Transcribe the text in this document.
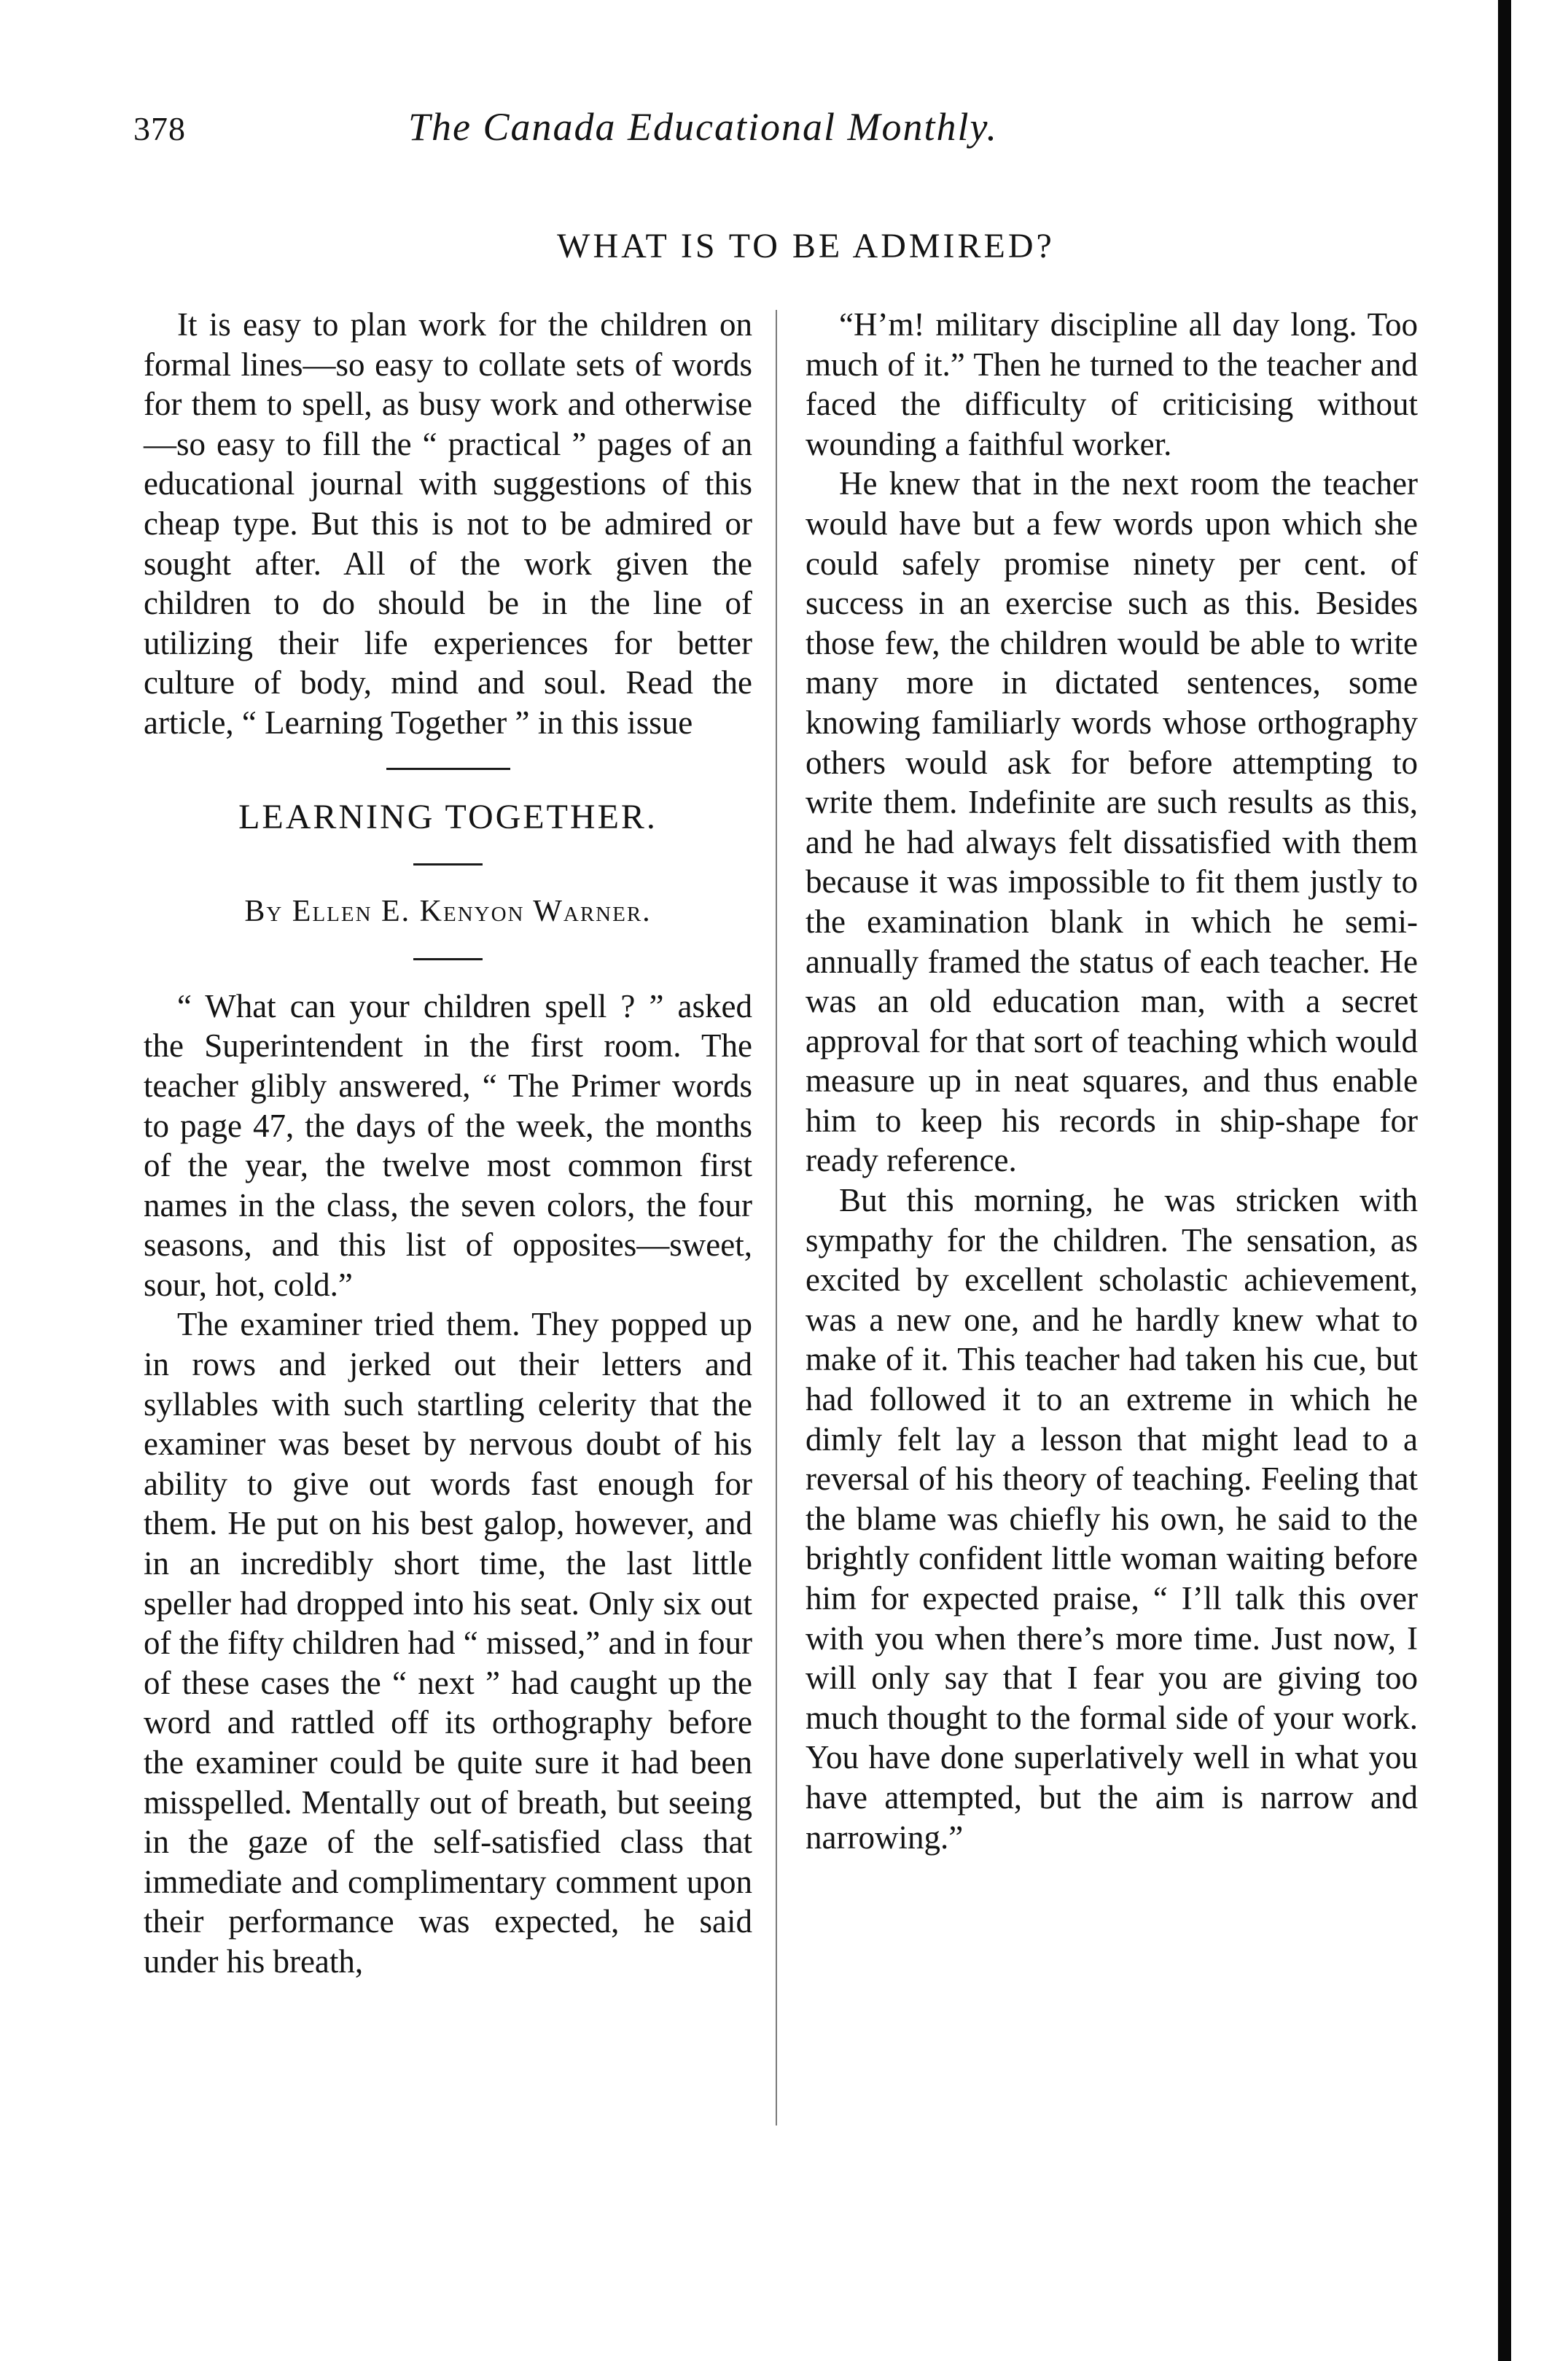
378	The Canada Educational Monthly.
WHAT IS TO BE ADMIRED?

It is easy to plan work for the children on formal lines—so easy to collate sets of words for them to spell, as busy work and otherwise—so easy to fill the “ practical ” pages of an educational journal with suggestions of this cheap type. But this is not to be admired or sought after. All of the work given the children to do should be in the line of utilizing their life experiences for better culture of body, mind and soul. Read the article, “ Learning Together ” in this issue

LEARNING TOGETHER.

By Ellen E. Kenyon Warner.

“ What can your children spell ? ” asked the Superintendent in the first room. The teacher glibly answered, “ The Primer words to page 47, the days of the week, the months of the year, the twelve most common first names in the class, the seven colors, the four seasons, and this list of opposites—sweet, sour, hot, cold.”

The examiner tried them. They popped up in rows and jerked out their letters and syllables with such startling celerity that the examiner was beset by nervous doubt of his ability to give out words fast enough for them. He put on his best galop, however, and in an incredibly short time, the last little speller had dropped into his seat. Only six out of the fifty children had “ missed,” and in four of these cases the “ next ” had caught up the word and rattled off its orthography before the examiner could be quite sure it had been misspelled. Mentally out of breath, but seeing in the gaze of the self-satisfied class that immediate and complimentary comment upon their performance was expected, he said under his breath,

“H’m! military discipline all day long. Too much of it.” Then he turned to the teacher and faced the difficulty of criticising without wounding a faithful worker.

He knew that in the next room the teacher would have but a few words upon which she could safely promise ninety per cent. of success in an exercise such as this. Besides those few, the children would be able to write many more in dictated sentences, some knowing familiarly words whose orthography others would ask for before attempting to write them. Indefinite are such results as this, and he had always felt dissatisfied with them because it was impossible to fit them justly to the examination blank in which he semi-annually framed the status of each teacher. He was an old education man, with a secret approval for that sort of teaching which would measure up in neat squares, and thus enable him to keep his records in ship-shape for ready reference.

But this morning, he was stricken with sympathy for the children. The sensation, as excited by excellent scholastic achievement, was a new one, and he hardly knew what to make of it. This teacher had taken his cue, but had followed it to an extreme in which he dimly felt lay a lesson that might lead to a reversal of his theory of teaching. Feeling that the blame was chiefly his own, he said to the brightly confident little woman waiting before him for expected praise, “ I’ll talk this over with you when there’s more time. Just now, I will only say that I fear you are giving too much thought to the formal side of your work. You have done superlatively well in what you have attempted, but the aim is narrow and narrowing.”
